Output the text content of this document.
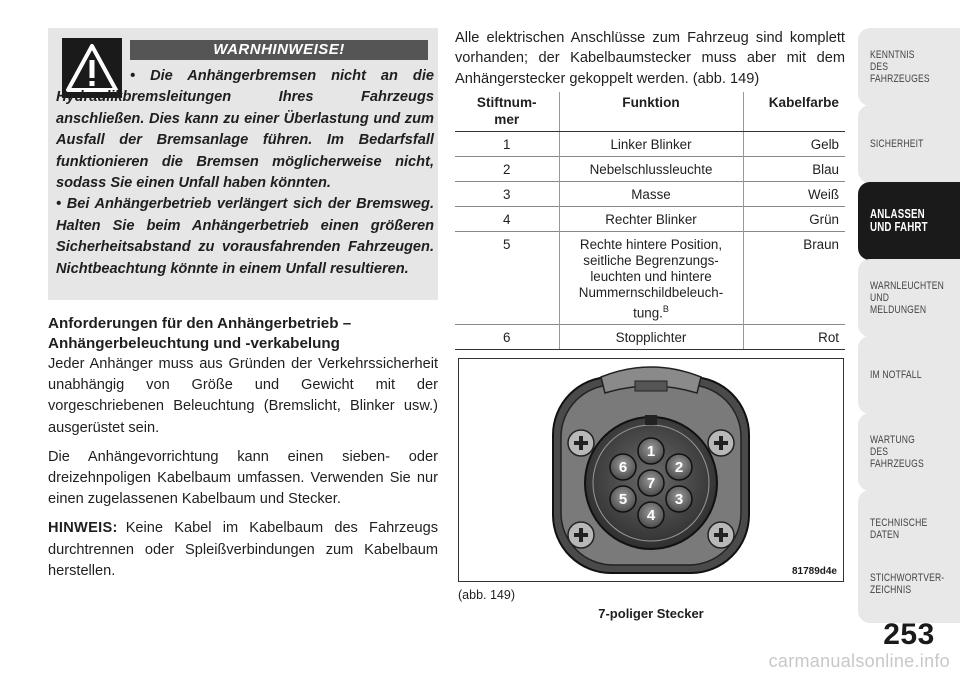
WARNHINWEISE!

• Die Anhängerbremsen nicht an die Hydraulikbremsleitungen Ihres Fahrzeugs anschließen. Dies kann zu einer Überlastung und zum Ausfall der Bremsanlage führen. Im Bedarfsfall funktionieren die Bremsen möglicherweise nicht, sodass Sie einen Unfall haben könnten.

• Bei Anhängerbetrieb verlängert sich der Bremsweg. Halten Sie beim Anhängerbetrieb einen größeren Sicherheitsabstand zu vorausfahrenden Fahrzeugen. Nichtbeachtung könnte in einem Unfall resultieren.

Anforderungen für den Anhängerbetrieb – Anhängerbeleuchtung und -verkabelung

Jeder Anhänger muss aus Gründen der Verkehrssicherheit unabhängig von Größe und Gewicht mit der vorgeschriebenen Beleuchtung (Bremslicht, Blinker usw.) ausgerüstet sein.

Die Anhängevorrichtung kann einen sieben- oder dreizehnpoligen Kabelbaum umfassen. Verwenden Sie nur einen zugelassenen Kabelbaum und Stecker.

HINWEIS: Keine Kabel im Kabelbaum des Fahrzeugs durchtrennen oder Spleißverbindungen zum Kabelbaum herstellen.

Alle elektrischen Anschlüsse zum Fahrzeug sind komplett vorhanden; der Kabelbaumstecker muss aber mit dem Anhängerstecker gekoppelt werden. (abb. 149)
Stiftnum-
mer	Funktion	Kabelfarbe
1	Linker Blinker	Gelb
2	Nebelschlussleuchte	Blau
3	Masse	Weiß
4	Rechter Blinker	Grün
5	Rechte hintere Position, seitliche Begrenzungs-leuchten und hintere Nummernschildbeleuch-tung.$^B$	Braun
6	Stopplichter	Rot
1
2
3
4
5
6
7
81789d4e
(abb. 149)
7-poliger Stecker
KENNTNIS
DES
FAHRZEUGES
SICHERHEIT
ANLASSEN
UND FAHRT
WARNLEUCHTEN
UND
MELDUNGEN
IM NOTFALL
WARTUNG
DES
FAHRZEUGS
TECHNISCHE
DATEN
STICHWORTVER-
ZEICHNIS
253
carmanualsonline.info
